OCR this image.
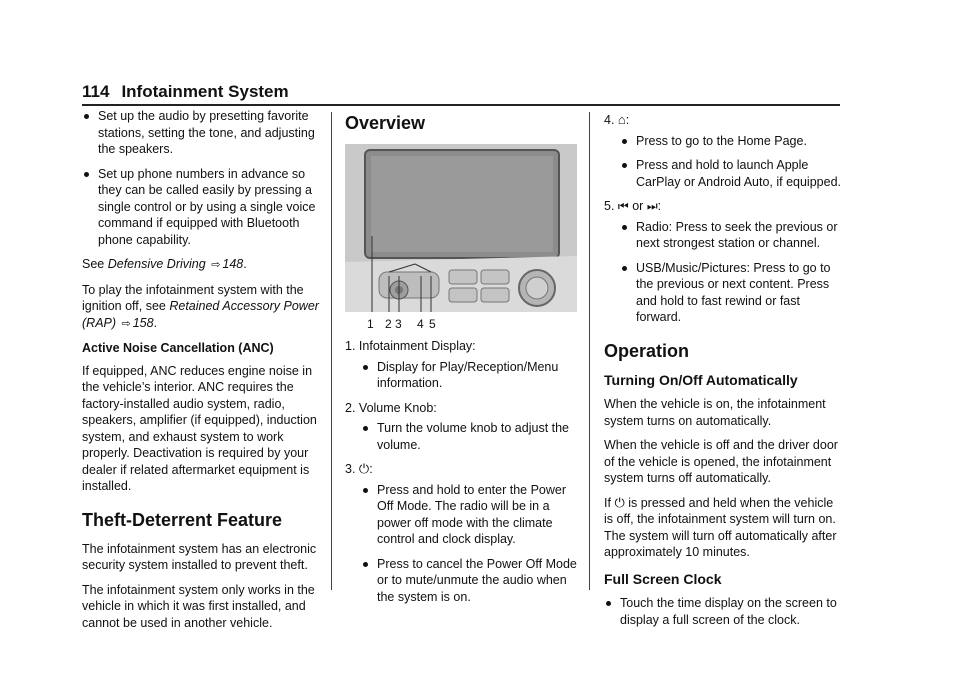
114 Infotainment System
Set up the audio by presetting favorite stations, setting the tone, and adjusting the speakers.
Set up phone numbers in advance so they can be called easily by pressing a single control or by using a single voice command if equipped with Bluetooth phone capability.
See Defensive Driving ⇨ 148.
To play the infotainment system with the ignition off, see Retained Accessory Power (RAP) ⇨ 158.
Active Noise Cancellation (ANC)
If equipped, ANC reduces engine noise in the vehicle’s interior. ANC requires the factory-installed audio system, radio, speakers, amplifier (if equipped), induction system, and exhaust system to work properly. Deactivation is required by your dealer if related aftermarket equipment is installed.
Theft-Deterrent Feature
The infotainment system has an electronic security system installed to prevent theft.
The infotainment system only works in the vehicle in which it was first installed, and cannot be used in another vehicle.
Overview
1 2 3 4 5
1. Infotainment Display:
Display for Play/Reception/Menu information.
2. Volume Knob:
Turn the volume knob to adjust the volume.
3. ⏻:
Press and hold to enter the Power Off Mode. The radio will be in a power off mode with the climate control and clock display.
Press to cancel the Power Off Mode or to mute/unmute the audio when the system is on.
4. ⌂:
Press to go to the Home Page.
Press and hold to launch Apple CarPlay or Android Auto, if equipped.
5. ⏮ or ⏭:
Radio: Press to seek the previous or next strongest station or channel.
USB/Music/Pictures: Press to go to the previous or next content. Press and hold to fast rewind or fast forward.
Operation
Turning On/Off Automatically
When the vehicle is on, the infotainment system turns on automatically.
When the vehicle is off and the driver door of the vehicle is opened, the infotainment system turns off automatically.
If ⏻ is pressed and held when the vehicle is off, the infotainment system will turn on. The system will turn off automatically after approximately 10 minutes.
Full Screen Clock
Touch the time display on the screen to display a full screen of the clock.
